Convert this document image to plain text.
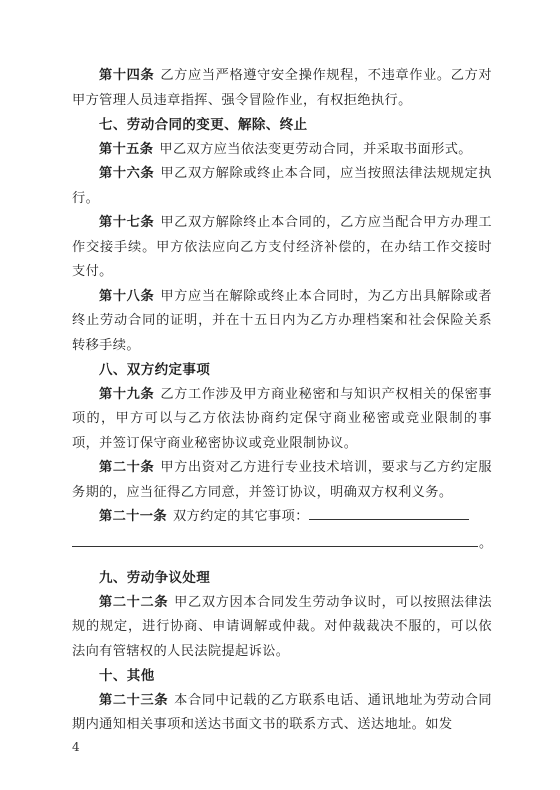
第十四条 乙方应当严格遵守安全操作规程，不违章作业。乙方对甲方管理人员违章指挥、强令冒险作业，有权拒绝执行。

七、劳动合同的变更、解除、终止

第十五条 甲乙双方应当依法变更劳动合同，并采取书面形式。

第十六条 甲乙双方解除或终止本合同，应当按照法律法规规定执行。

第十七条 甲乙双方解除终止本合同的，乙方应当配合甲方办理工作交接手续。甲方依法应向乙方支付经济补偿的，在办结工作交接时支付。

第十八条 甲方应当在解除或终止本合同时，为乙方出具解除或者终止劳动合同的证明，并在十五日内为乙方办理档案和社会保险关系转移手续。

八、双方约定事项

第十九条 乙方工作涉及甲方商业秘密和与知识产权相关的保密事项的，甲方可以与乙方依法协商约定保守商业秘密或竞业限制的事项，并签订保守商业秘密协议或竞业限制协议。

第二十条 甲方出资对乙方进行专业技术培训，要求与乙方约定服务期的，应当征得乙方同意，并签订协议，明确双方权利义务。

第二十一条 双方约定的其它事项：

。
九、劳动争议处理

第二十二条 甲乙双方因本合同发生劳动争议时，可以按照法律法规的规定，进行协商、申请调解或仲裁。对仲裁裁决不服的，可以依法向有管辖权的人民法院提起诉讼。

十、其他

第二十三条 本合同中记载的乙方联系电话、通讯地址为劳动合同期内通知相关事项和送达书面文书的联系方式、送达地址。如发

4
